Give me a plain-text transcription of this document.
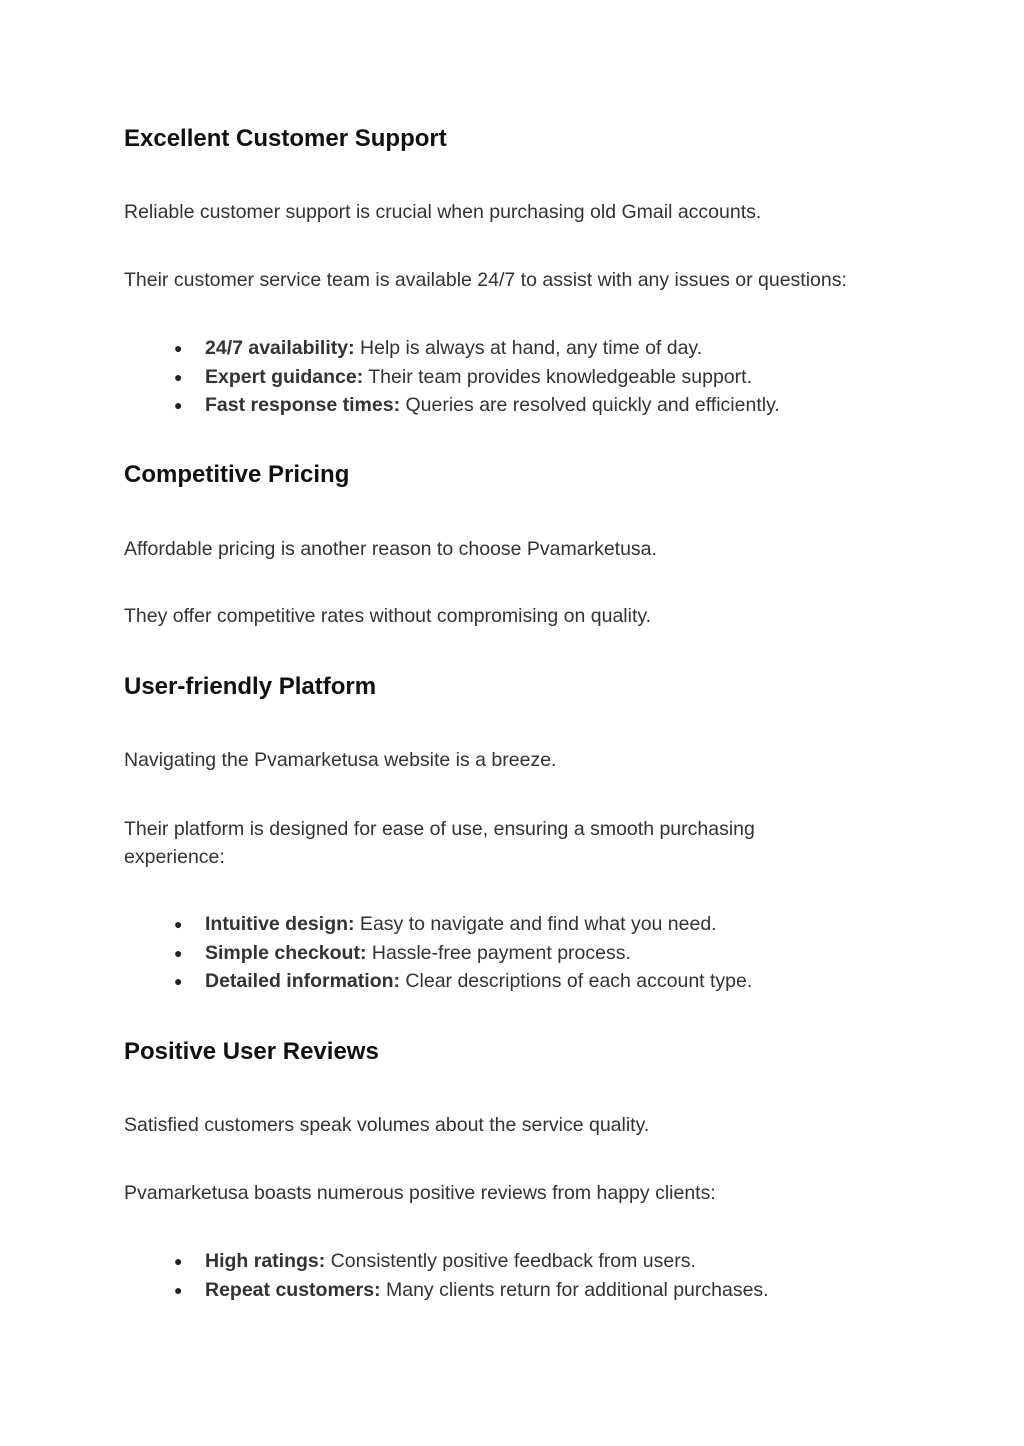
Excellent Customer Support

Reliable customer support is crucial when purchasing old Gmail accounts.

Their customer service team is available 24/7 to assist with any issues or questions:

● 24/7 availability: Help is always at hand, any time of day.
● Expert guidance: Their team provides knowledgeable support.
● Fast response times: Queries are resolved quickly and efficiently.
Competitive Pricing

Affordable pricing is another reason to choose Pvamarketusa.

They offer competitive rates without compromising on quality.

User-friendly Platform

Navigating the Pvamarketusa website is a breeze.

Their platform is designed for ease of use, ensuring a smooth purchasing experience:

● Intuitive design: Easy to navigate and find what you need.
● Simple checkout: Hassle-free payment process.
● Detailed information: Clear descriptions of each account type.
Positive User Reviews

Satisfied customers speak volumes about the service quality.

Pvamarketusa boasts numerous positive reviews from happy clients:

● High ratings: Consistently positive feedback from users.
● Repeat customers: Many clients return for additional purchases.
